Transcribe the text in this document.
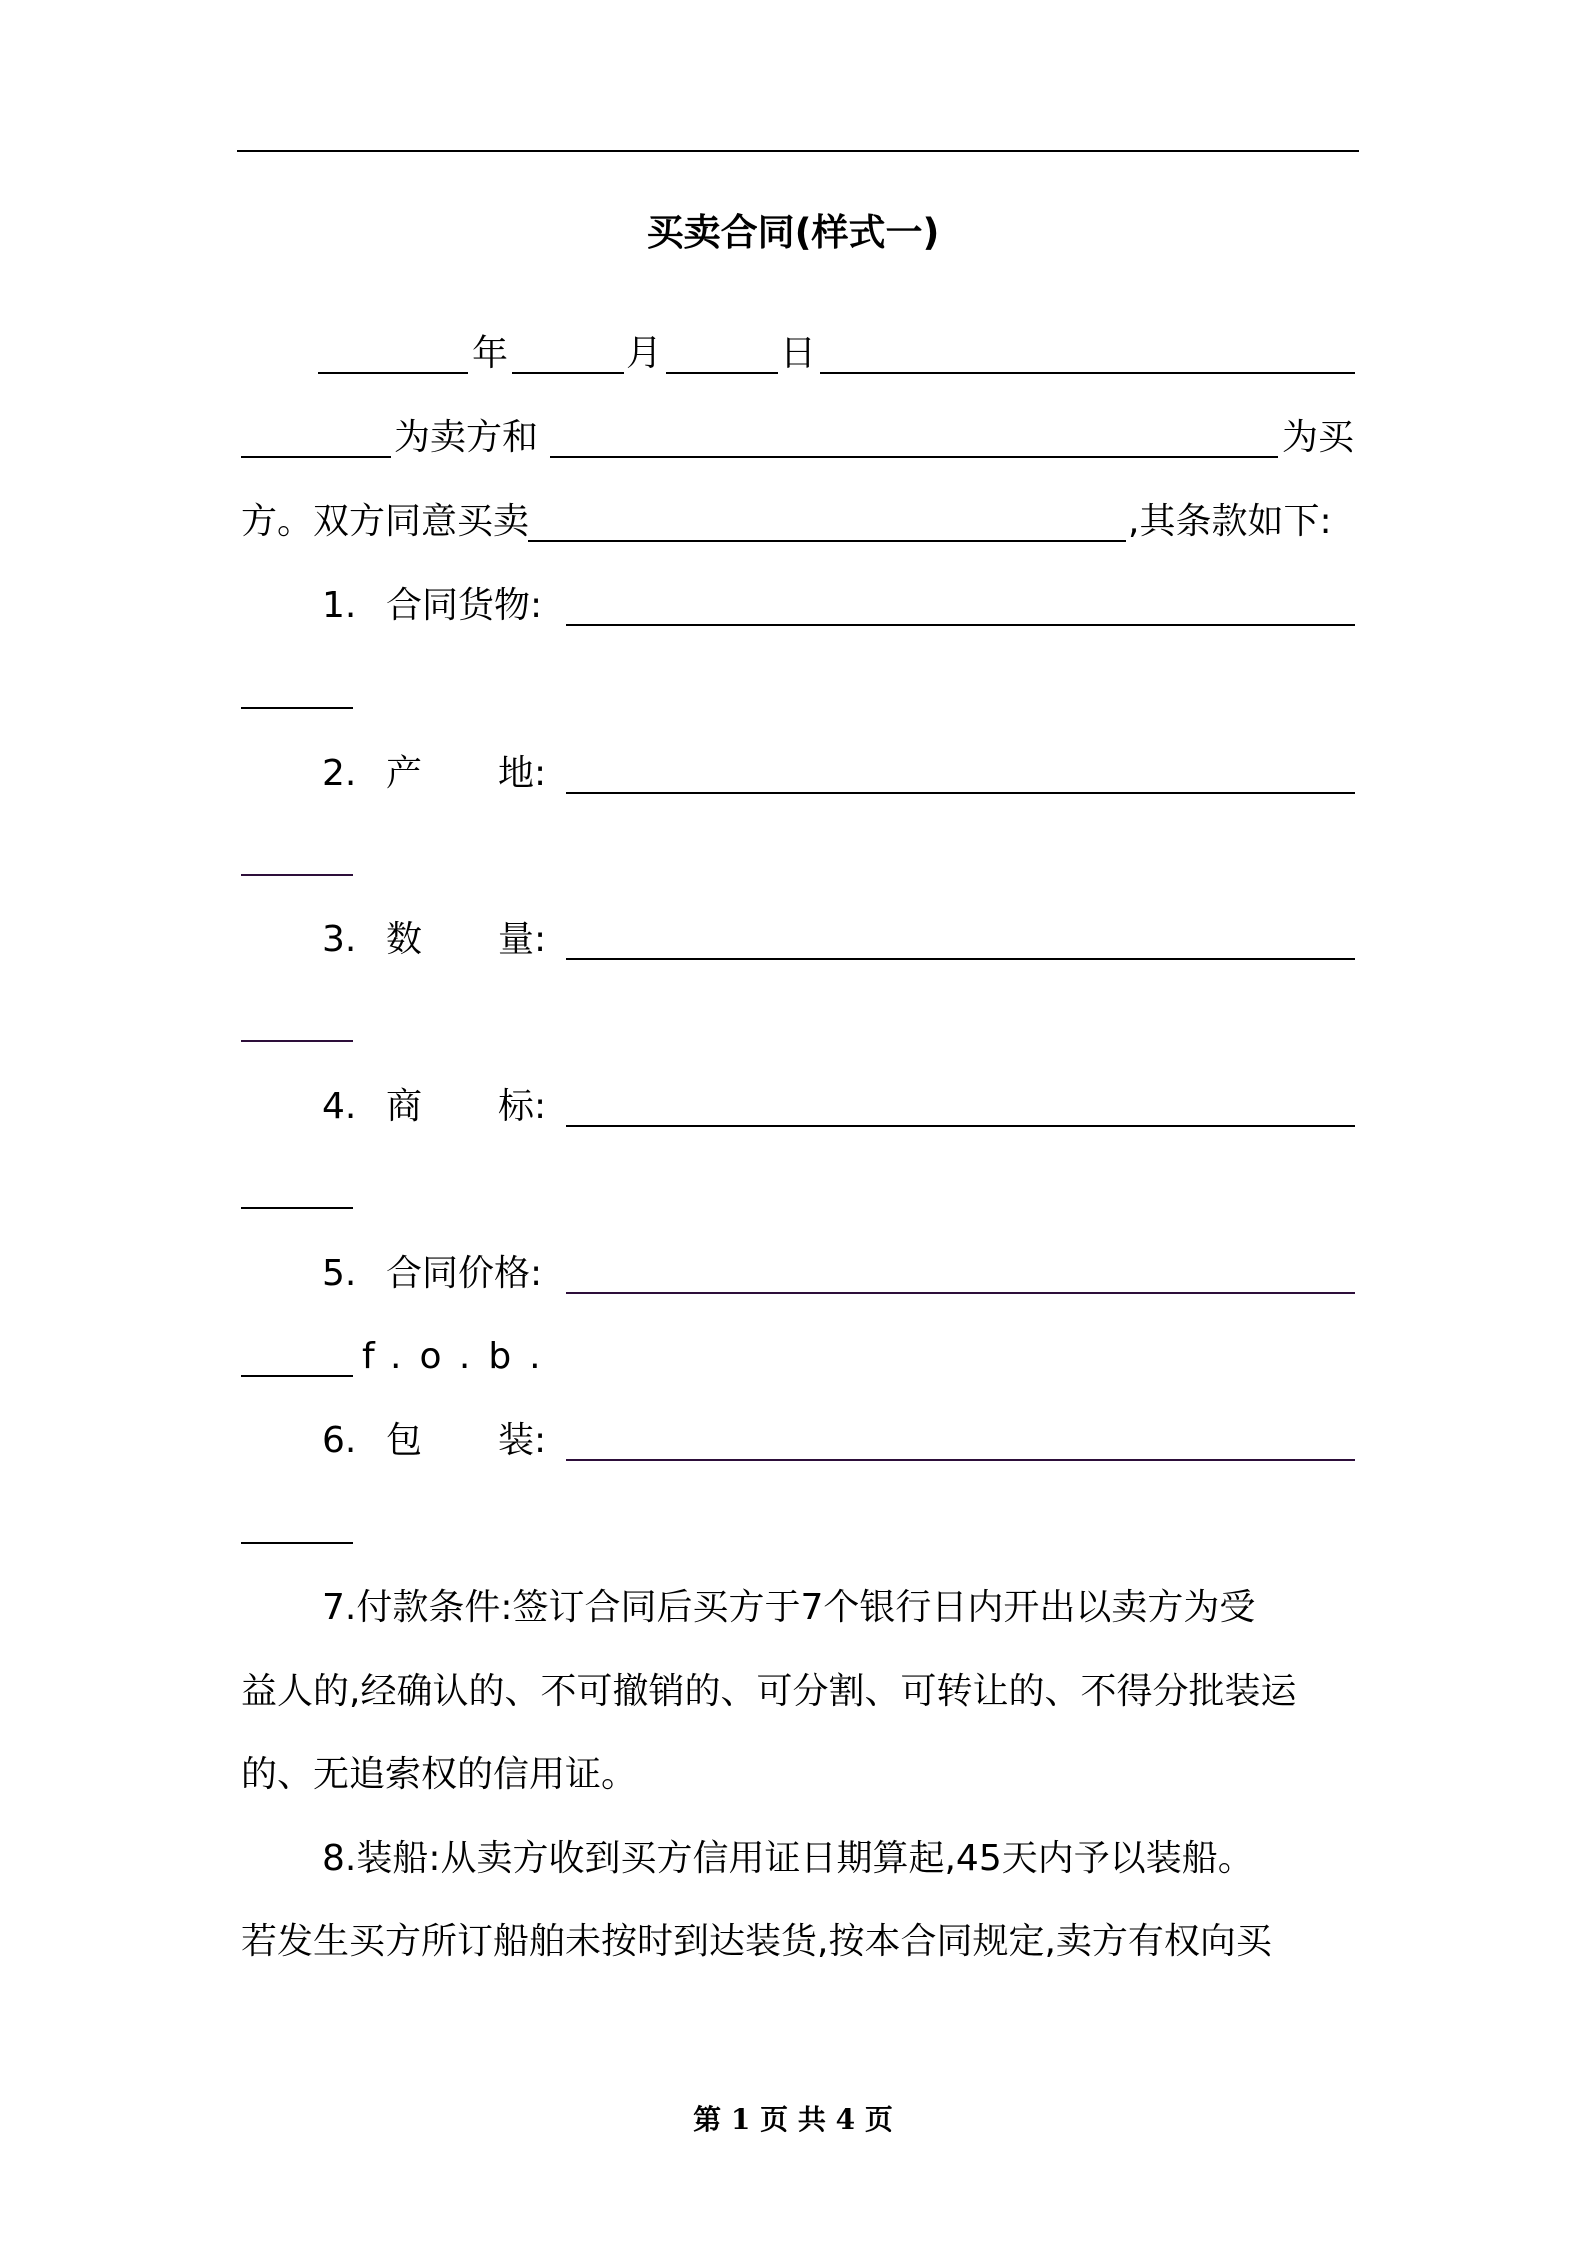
买卖合同(样式一)
年	月	日
为卖方和	为买
方。双方同意买卖	,其条款如下:
1. 合同货物:
2. 产 地:
3. 数 量:
4. 商 标:
5. 合同价格:
f.o.b.
6. 包 装:
7.付款条件:签订合同后买方于7个银行日内开出以卖方为受
益人的,经确认的、不可撤销的、可分割、可转让的、不得分批装运
的、无追索权的信用证。
8.装船:从卖方收到买方信用证日期算起,45天内予以装船。
若发生买方所订船舶未按时到达装货,按本合同规定,卖方有权向买
第 1 页 共 4 页
